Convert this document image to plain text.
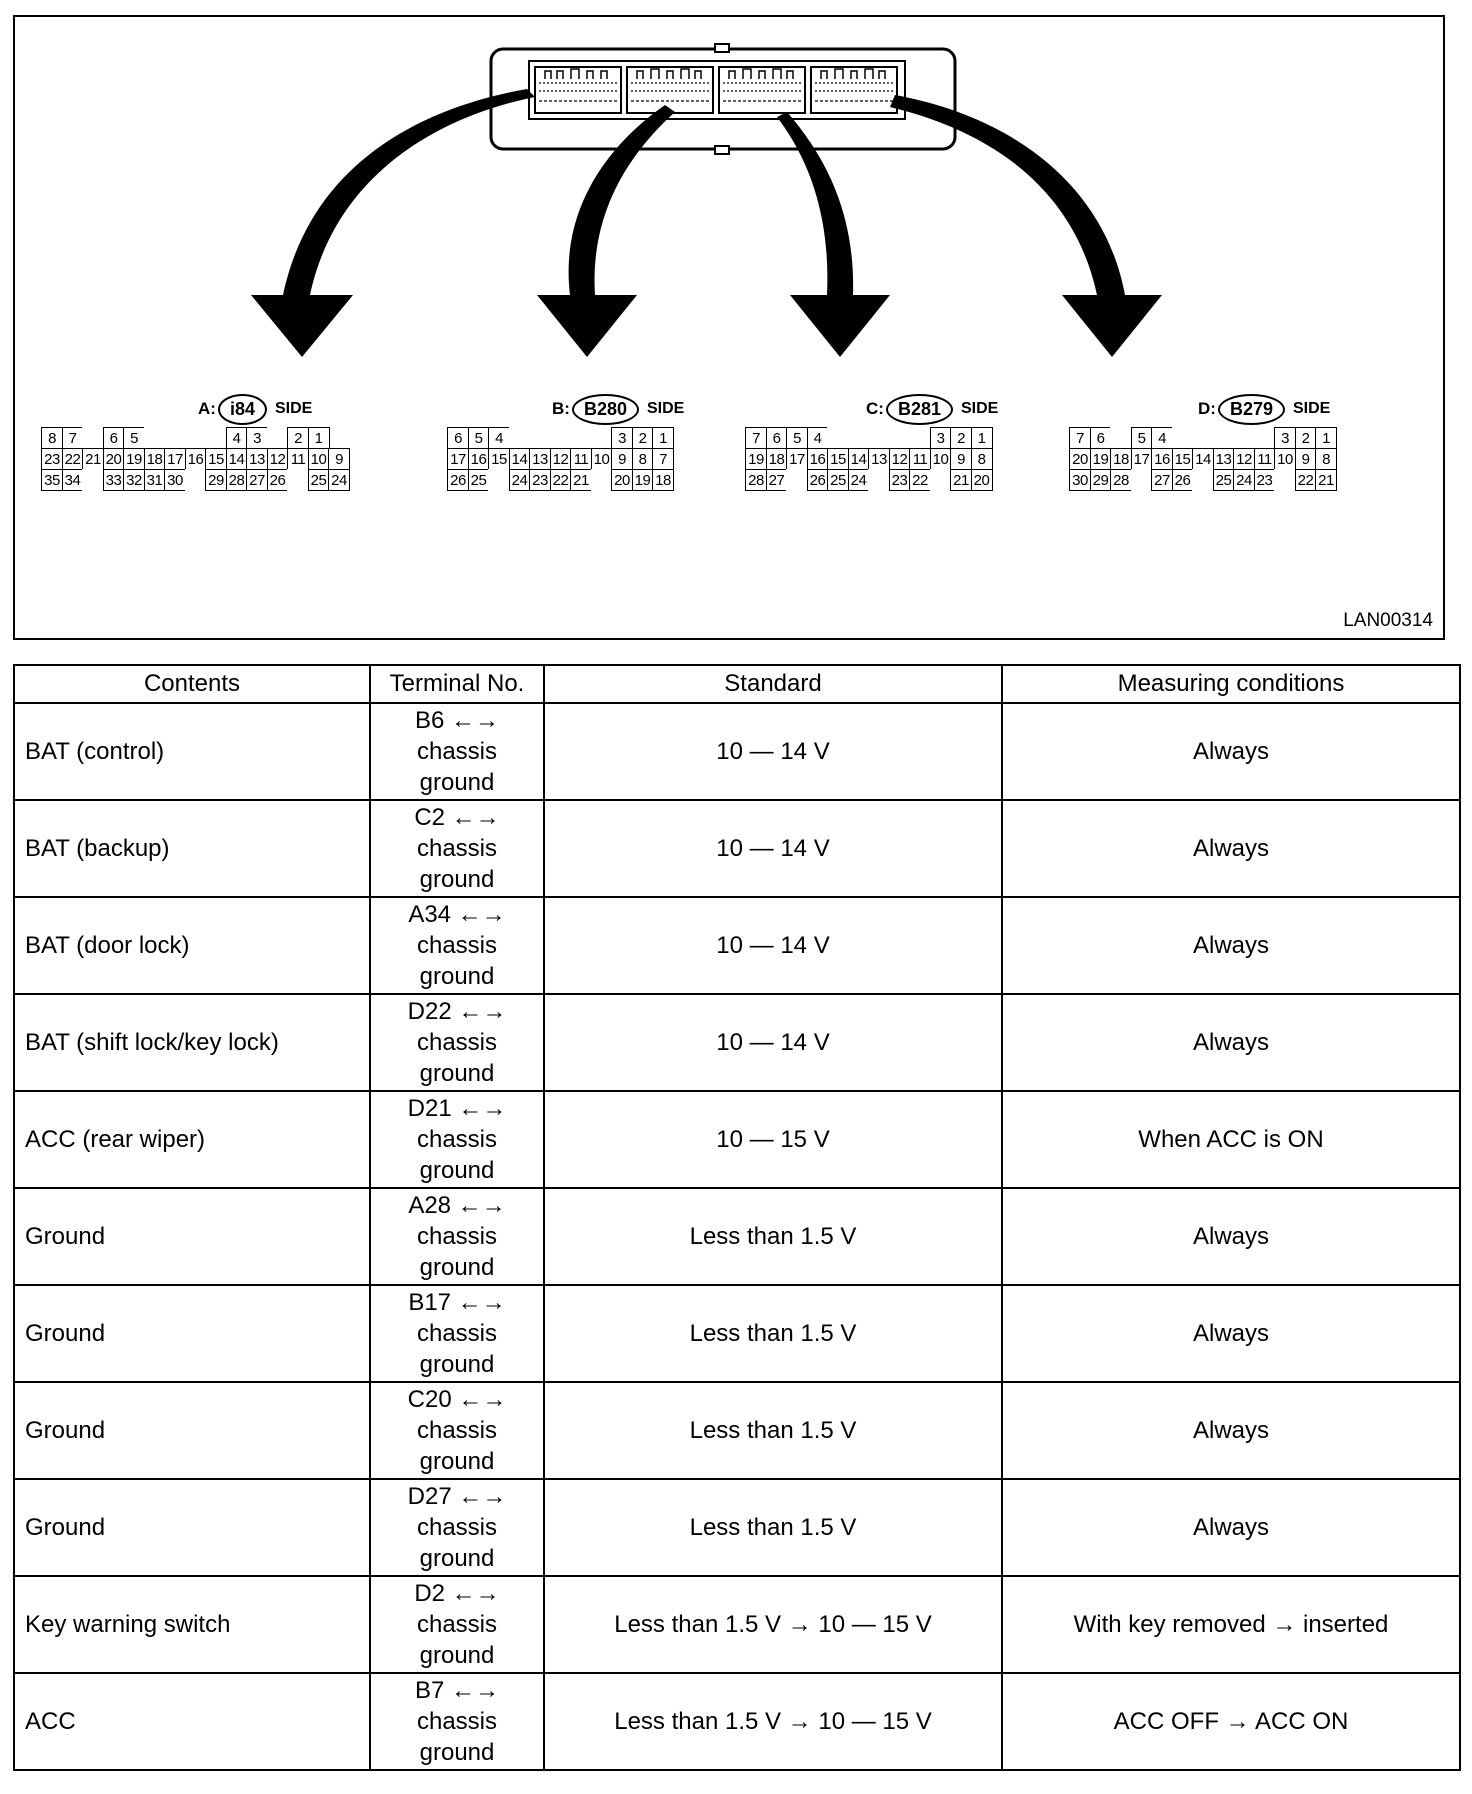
A: i84	SIDE	B: B280	SIDE	C: B281	SIDE	D: B279	SIDE
8 7	6 5	4 3	2 1
23 22 21 20 19 18 17 16 15 14 13 12 11 10 9
35 34 33 32 31 30 29 28 27 26 25 24
6 5 4	3 2 1
17 16 15 14 13 12 11 10 9 8 7
26 25 24 23 22 21 20 19 18
7 6 5 4	3 2 1
19 18 17 16 15 14 13 12 11 10 9 8
28 27 26 25 24 23 22 21 20
7 6	5 4	3 2 1
20 19 18 17 16 15 14 13 12 11 10 9 8
30 29 28 27 26 25 24 23 22 21
LAN00314
Contents	Terminal No.	Standard	Measuring conditions
BAT (control)	B6 ←→
chassis
ground	10 — 14 V	Always
BAT (backup)	C2 ←→
chassis
ground	10 — 14 V	Always
BAT (door lock)	A34 ←→
chassis
ground	10 — 14 V	Always
BAT (shift lock/key lock)	D22 ←→
chassis
ground	10 — 14 V	Always
ACC (rear wiper)	D21 ←→
chassis
ground	10 — 15 V	When ACC is ON
Ground	A28 ←→
chassis
ground	Less than 1.5 V	Always
Ground	B17 ←→
chassis
ground	Less than 1.5 V	Always
Ground	C20 ←→
chassis
ground	Less than 1.5 V	Always
Ground	D27 ←→
chassis
ground	Less than 1.5 V	Always
Key warning switch	D2 ←→
chassis
ground	Less than 1.5 V → 10 — 15 V	With key removed → inserted
ACC	B7 ←→
chassis
ground	Less than 1.5 V → 10 — 15 V	ACC OFF → ACC ON
